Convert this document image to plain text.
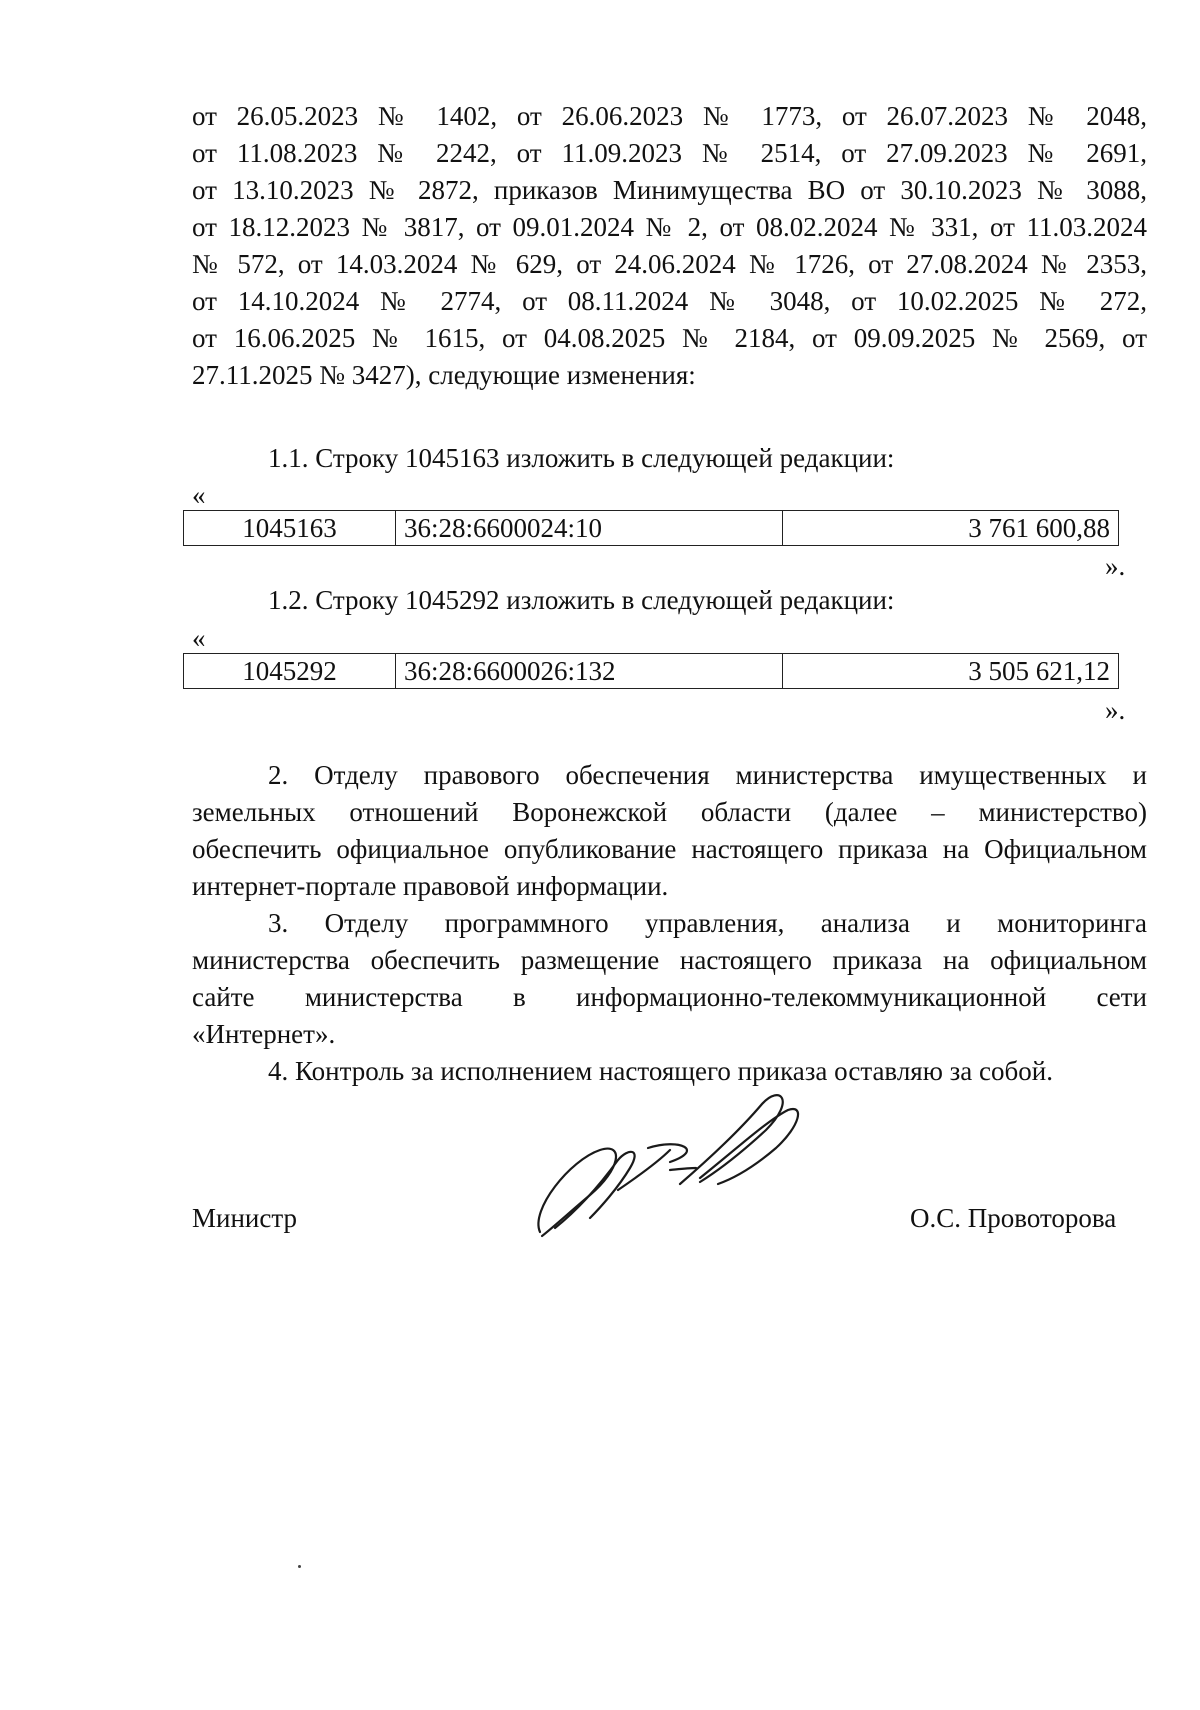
от 26.05.2023 № 1402, от 26.06.2023 № 1773, от 26.07.2023 № 2048,
от 11.08.2023 № 2242, от 11.09.2023 № 2514, от 27.09.2023 № 2691,
от 13.10.2023 № 2872, приказов Минимущества ВО от 30.10.2023 № 3088,
от 18.12.2023 № 3817, от 09.01.2024 № 2, от 08.02.2024 № 331, от 11.03.2024
№ 572, от 14.03.2024 № 629, от 24.06.2024 № 1726, от 27.08.2024 № 2353,
от 14.10.2024 № 2774, от 08.11.2024 № 3048, от 10.02.2025 № 272,
от 16.06.2025 № 1615, от 04.08.2025 № 2184, от 09.09.2025 № 2569, от
27.11.2025 № 3427), следующие изменения:

1.1. Строку 1045163 изложить в следующей редакции:

«

1045163	36:28:6600024:10	3 761 600,88

».

1.2. Строку 1045292 изложить в следующей редакции:

«

1045292	36:28:6600026:132	3 505 621,12

».

2. Отделу правового обеспечения министерства имущественных и
земельных отношений Воронежской области (далее – министерство)
обеспечить официальное опубликование настоящего приказа на Официальном
интернет-портале правовой информации.
3. Отделу программного управления, анализа и мониторинга
министерства обеспечить размещение настоящего приказа на официальном
сайте министерства в информационно-телекоммуникационной сети
«Интернет».

4. Контроль за исполнением настоящего приказа оставляю за собой.

Министр	О.С. Провоторова
